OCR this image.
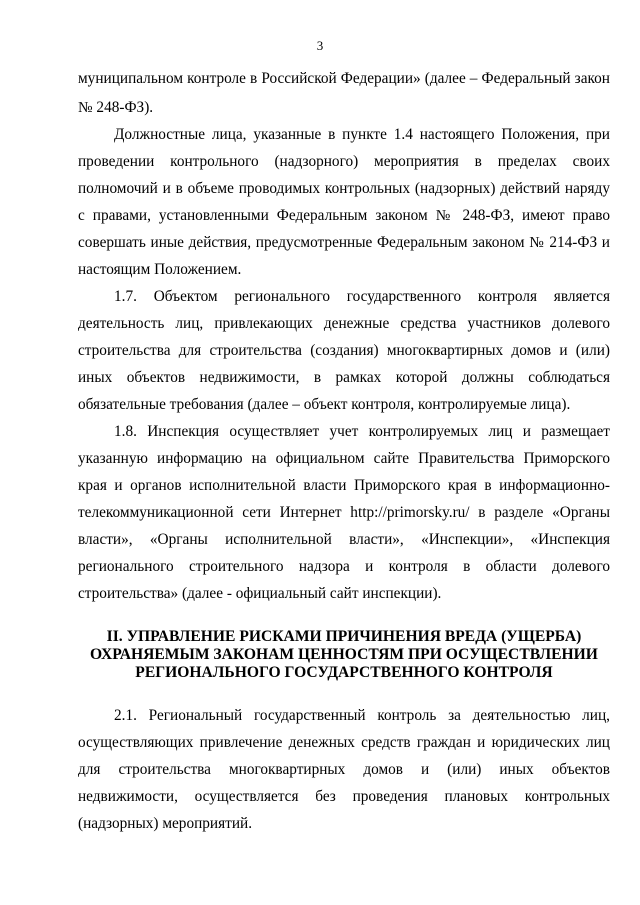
3
муниципальном контроле в Российской Федерации» (далее – Федеральный закон
№ 248-ФЗ).
Должностные лица, указанные в пункте 1.4 настоящего Положения, при
проведении контрольного (надзорного) мероприятия в пределах своих
полномочий и в объеме проводимых контрольных (надзорных) действий наряду
с правами, установленными Федеральным законом № 248-ФЗ, имеют право
совершать иные действия, предусмотренные Федеральным законом № 214-ФЗ и
настоящим Положением.
1.7. Объектом регионального государственного контроля является
деятельность лиц, привлекающих денежные средства участников долевого
строительства для строительства (создания) многоквартирных домов и (или)
иных объектов недвижимости, в рамках которой должны соблюдаться
обязательные требования (далее – объект контроля, контролируемые лица).
1.8. Инспекция осуществляет учет контролируемых лиц и размещает
указанную информацию на официальном сайте Правительства Приморского
края и органов исполнительной власти Приморского края в информационно-
телекоммуникационной сети Интернет http://primorsky.ru/ в разделе «Органы
власти», «Органы исполнительной власти», «Инспекции», «Инспекция
регионального строительного надзора и контроля в области долевого
строительства» (далее - официальный сайт инспекции).
II. УПРАВЛЕНИЕ РИСКАМИ ПРИЧИНЕНИЯ ВРЕДА (УЩЕРБА)
ОХРАНЯЕМЫМ ЗАКОНАМ ЦЕННОСТЯМ ПРИ ОСУЩЕСТВЛЕНИИ
РЕГИОНАЛЬНОГО ГОСУДАРСТВЕННОГО КОНТРОЛЯ
2.1. Региональный государственный контроль за деятельностью лиц,
осуществляющих привлечение денежных средств граждан и юридических лиц
для строительства многоквартирных домов и (или) иных объектов
недвижимости, осуществляется без проведения плановых контрольных
(надзорных) мероприятий.
